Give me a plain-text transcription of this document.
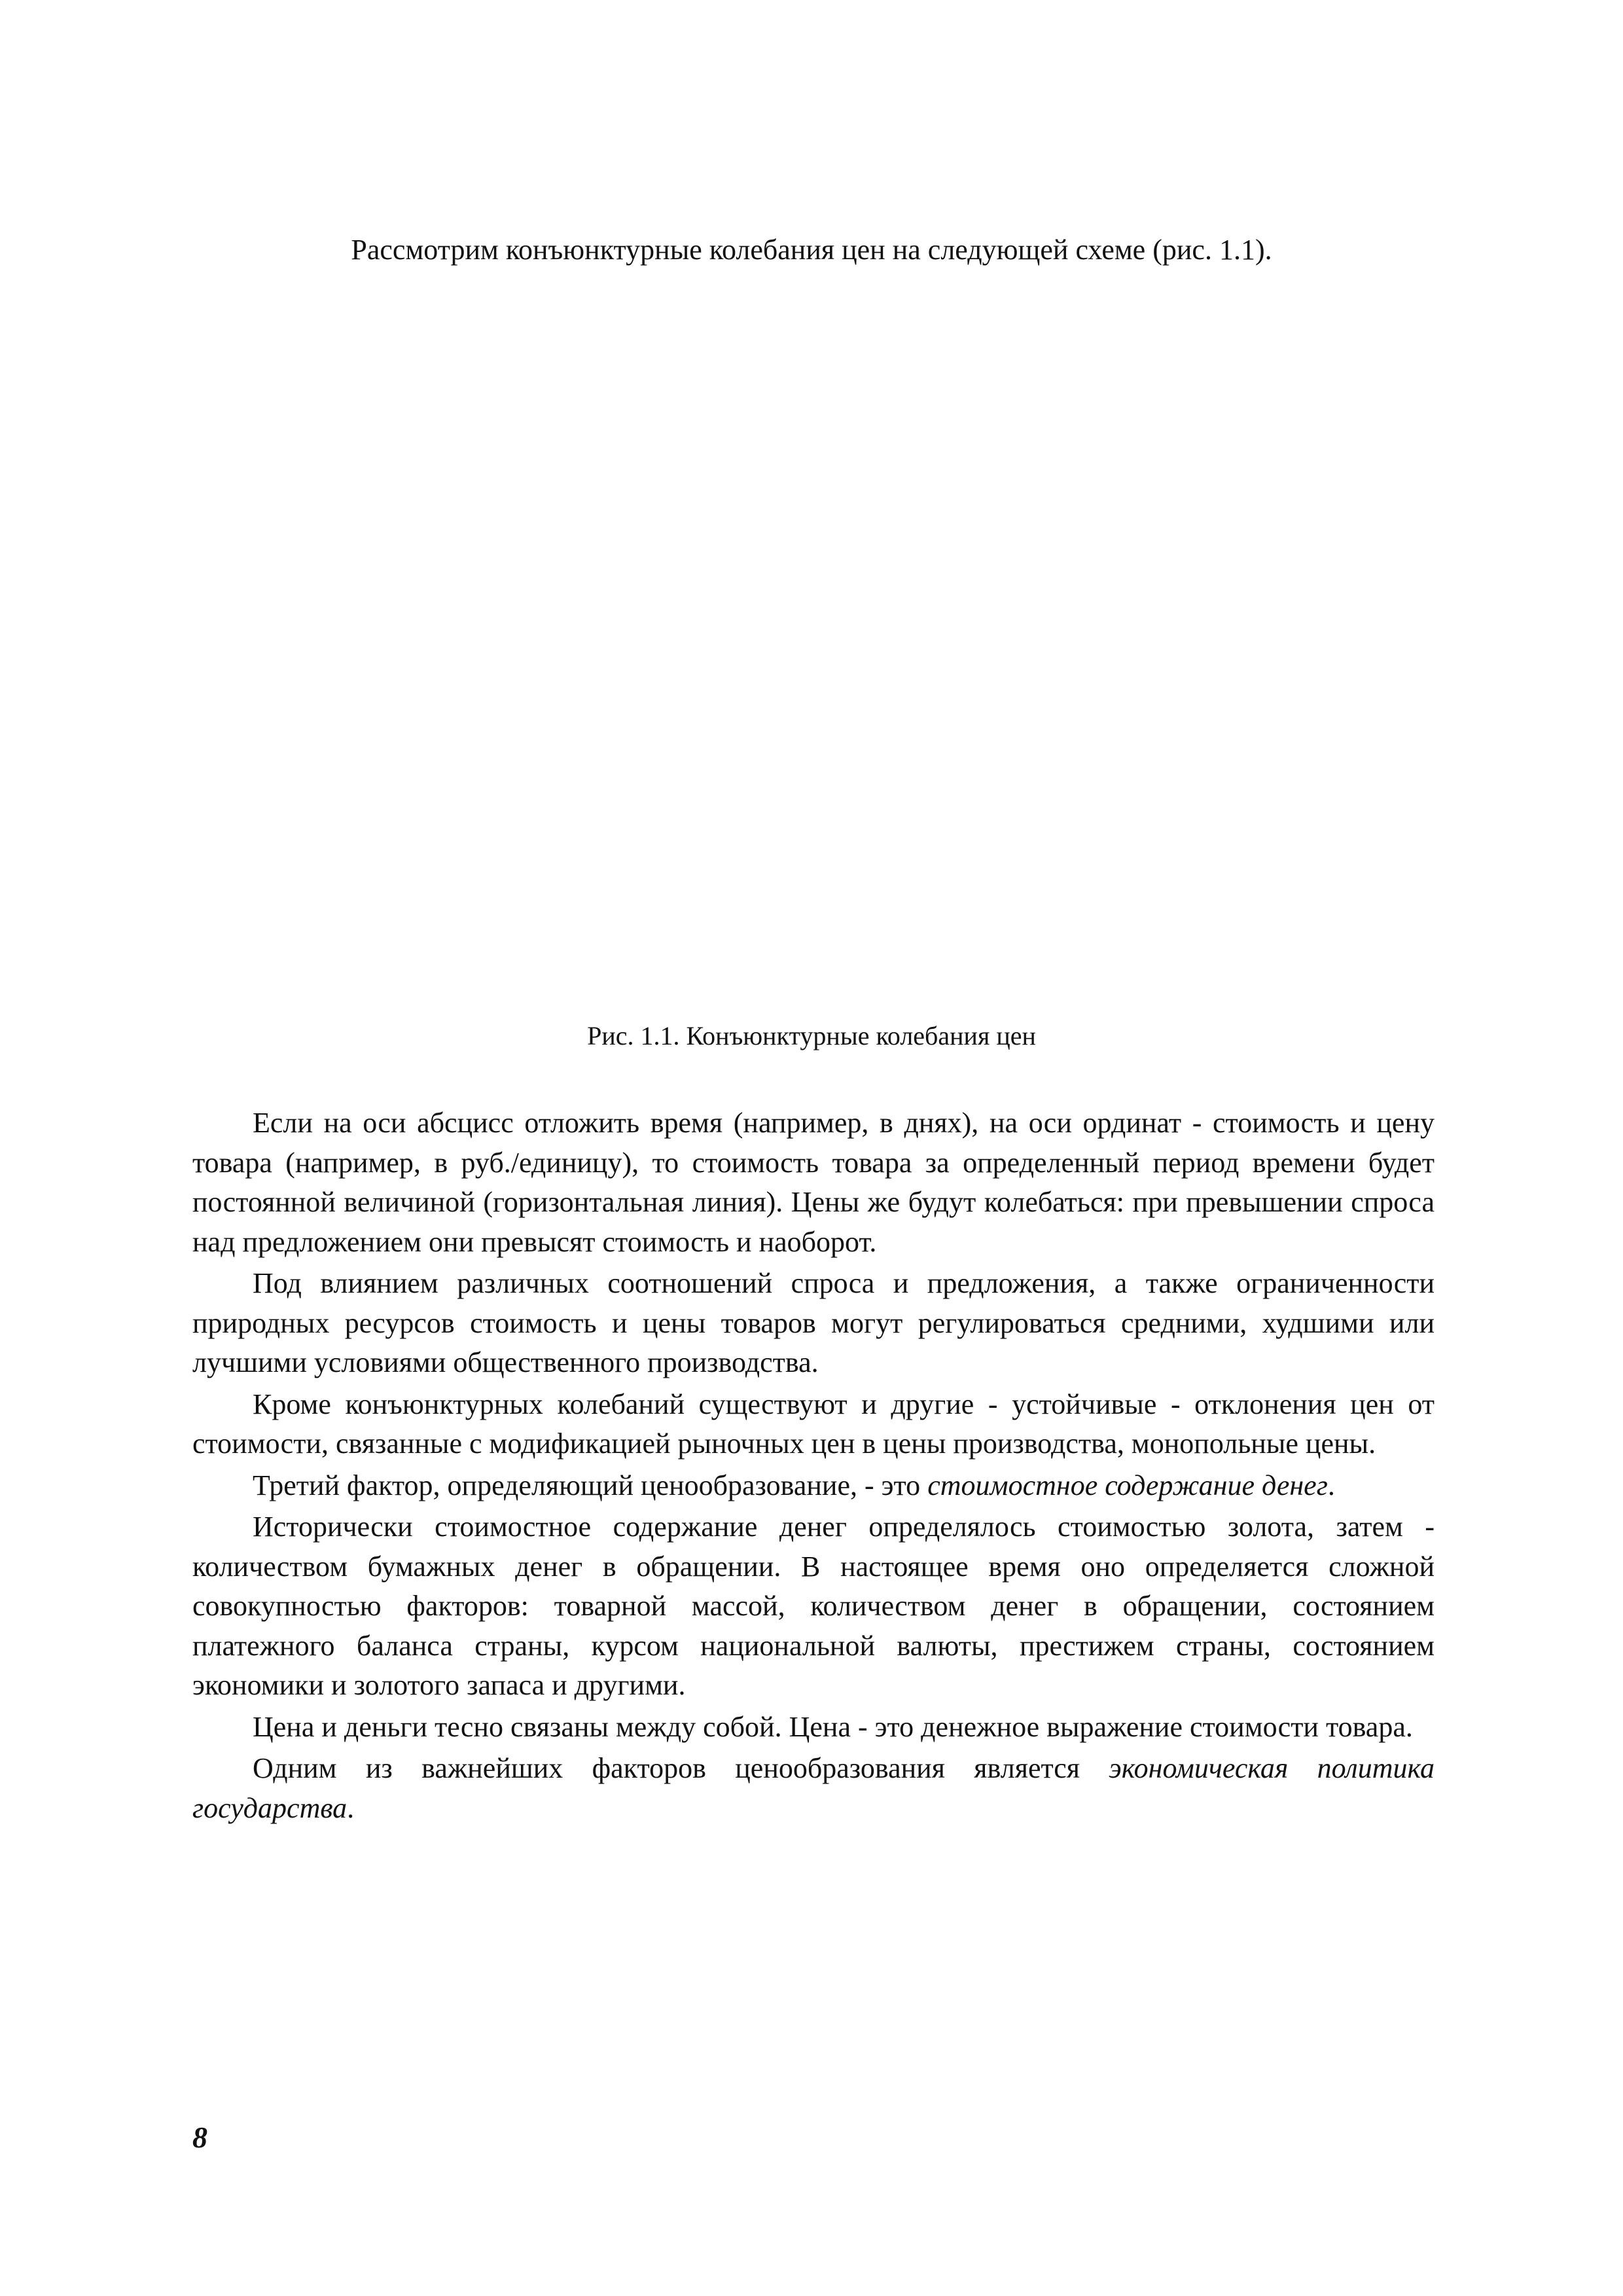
Рассмотрим конъюнктурные колебания цен на следующей схеме (рис. 1.1).

Рис. 1.1. Конъюнктурные колебания цен

Если на оси абсцисс отложить время (например, в днях), на оси ординат - стоимость и цену товара (например, в руб./единицу), то стоимость товара за определенный период времени будет постоянной величиной (горизонтальная линия). Цены же будут колебаться: при превышении спроса над предложением они превысят стоимость и наоборот.

Под влиянием различных соотношений спроса и предложения, а также ограниченности природных ресурсов стоимость и цены товаров могут регулироваться средними, худшими или лучшими условиями общественного производства.

Кроме конъюнктурных колебаний существуют и другие - устойчивые - отклонения цен от стоимости, связанные с модификацией рыночных цен в цены производства, монопольные цены.

Третий фактор, определяющий ценообразование, - это стоимостное содержание денег.

Исторически стоимостное содержание денег определялось стоимостью золота, затем - количеством бумажных денег в обращении. В настоящее время оно определяется сложной совокупностью факторов: товарной массой, количеством денег в обращении, состоянием платежного баланса страны, курсом национальной валюты, престижем страны, состоянием экономики и золотого запаса и другими.

Цена и деньги тесно связаны между собой. Цена - это денежное выражение стоимости товара.

Одним из важнейших факторов ценообразования является экономическая политика государства.

8
